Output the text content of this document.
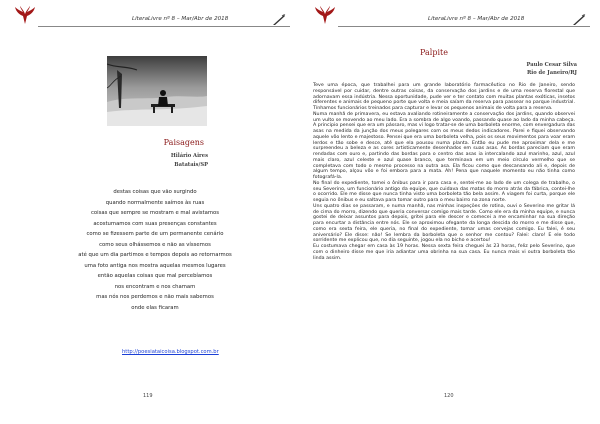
LiteraLivre nº 8 – Mar/Abr de 2018
Paisagens
Hilário Aires
Batatais/SP
destas coisas que vão surgindo
quando normalmente saímos às ruas
coisas que sempre se mostram e mal avistamos
acostumamos com suas presenças constantes
como se fizessem parte de um permanente cenário
como seus olhássemos e não as víssemos
até que um dia partimos e tempos depois ao retornarmos
uma foto antiga nos mostra aquelas mesmos lugares
então aquelas coisas que mal percebíamos
nos encontram e nos chamam
mas nós nos perdemos e não mais sabemos
onde elas ficaram
http://poesiataicoisa.blogspot.com.br
119
LiteraLivre nº 8 – Mar/Abr de 2018
120
Palpite
Paulo Cesar Silva
Rio de Janeiro/RJ

Teve uma época, que trabalhei para um grande laboratório farmacêutico no Rio de Janeiro, sendo responsável por cuidar, dentre outras coisas, da conservação dos jardins e de uma reserva florestal que adornavam essa indústria. Nessa oportunidade, pude ver e ter contato com muitas plantas exóticas, insetos diferentes e animais de pequeno porte que volta e meia saíam da reserva para passear no parque industrial. Tínhamos funcionários treinados para capturar e levar os pequenos animais de volta para a reserva.

Numa manhã de primavera, eu estava avaliando rotineiramente a conservação dos jardins, quando observei um vulto se movendo ao meu lado. Era a sombra de algo voando, passando quase ao lado da minha cabeça. A principio pensei que era um pássaro, mas vi logo tratar-se de uma borboleta enorme, com envergadura das asas na medida da junção dos meus polegares com os meus dedos indicadores. Parei e fiquei observando aquele vôo lento e majestoso. Pensei que era uma borboleta velha, pois os seus movimentos para voar eram lerdos e tão sobe e desce, até que ela pousou numa planta. Então eu pude me aproximar dela e me surpreendeu a beleza e as cores artisticamente desenhados em suas asas. As bordas pareciam que eram rendadas com ouro e, partindo das bordas para o centro das asas ia intercalando azul marinho, azul, azul mais claro, azul celeste e azul quase branco, que terminava em um meio círculo vermelho que se completava com todo o mesmo processo na outra asa. Ela ficou como que descansando ali e, depois de algum tempo, alçou vôo e foi embora para a mata. Ah! Pena que naquele momento eu não tinha como fotografá-la.

No final do expediente, tomei o ônibus para ir para casa e, sentei-me ao lado de um colega de trabalho, o seu Severino, um funcionário antigo da equipe, que cuidava das matas do morro atrás da fábrica, contei-lhe o ocorrido. Ele me disse que nunca tinha visto uma borboleta tão bela assim. A viagem foi curta, porque ele seguia no ônibus e eu saltava para tomar outro para o meu bairro na zona norte.

Uns quatro dias se passaram, e numa manhã, nas minhas inspeções de rotina, ouvi o Severino me gritar lá de cima do morro, dizendo que queria conversar comigo mais tarde. Como ele era da minha equipe, e nunca gostei de deixar assuntos para depois, gritei para ele descer e comecei a me encaminhar na sua direção para encurtar a distância entre nós. Ele se aproximou ofegante da longa descida do morro e me disse que, como era sexta feira, ele queria, no final do expediente, tomar umas cervejas comigo. Eu falei, é seu aniversário? Ele disse: não! Se lembra da borboleta que o senhor me contou? Falei: claro! E ele todo sorridente me explicou que, no dia seguinte, jogou ela no bicho e acertou!

Eu costumava chegar em casa às 19 horas. Nessa sexta feira cheguei às 23 horas, feliz pelo Severino, que com o dinheiro disse me que iria adiantar uma obrinha na sua casa. Eu nunca mais vi outra borboleta tão linda assim.
